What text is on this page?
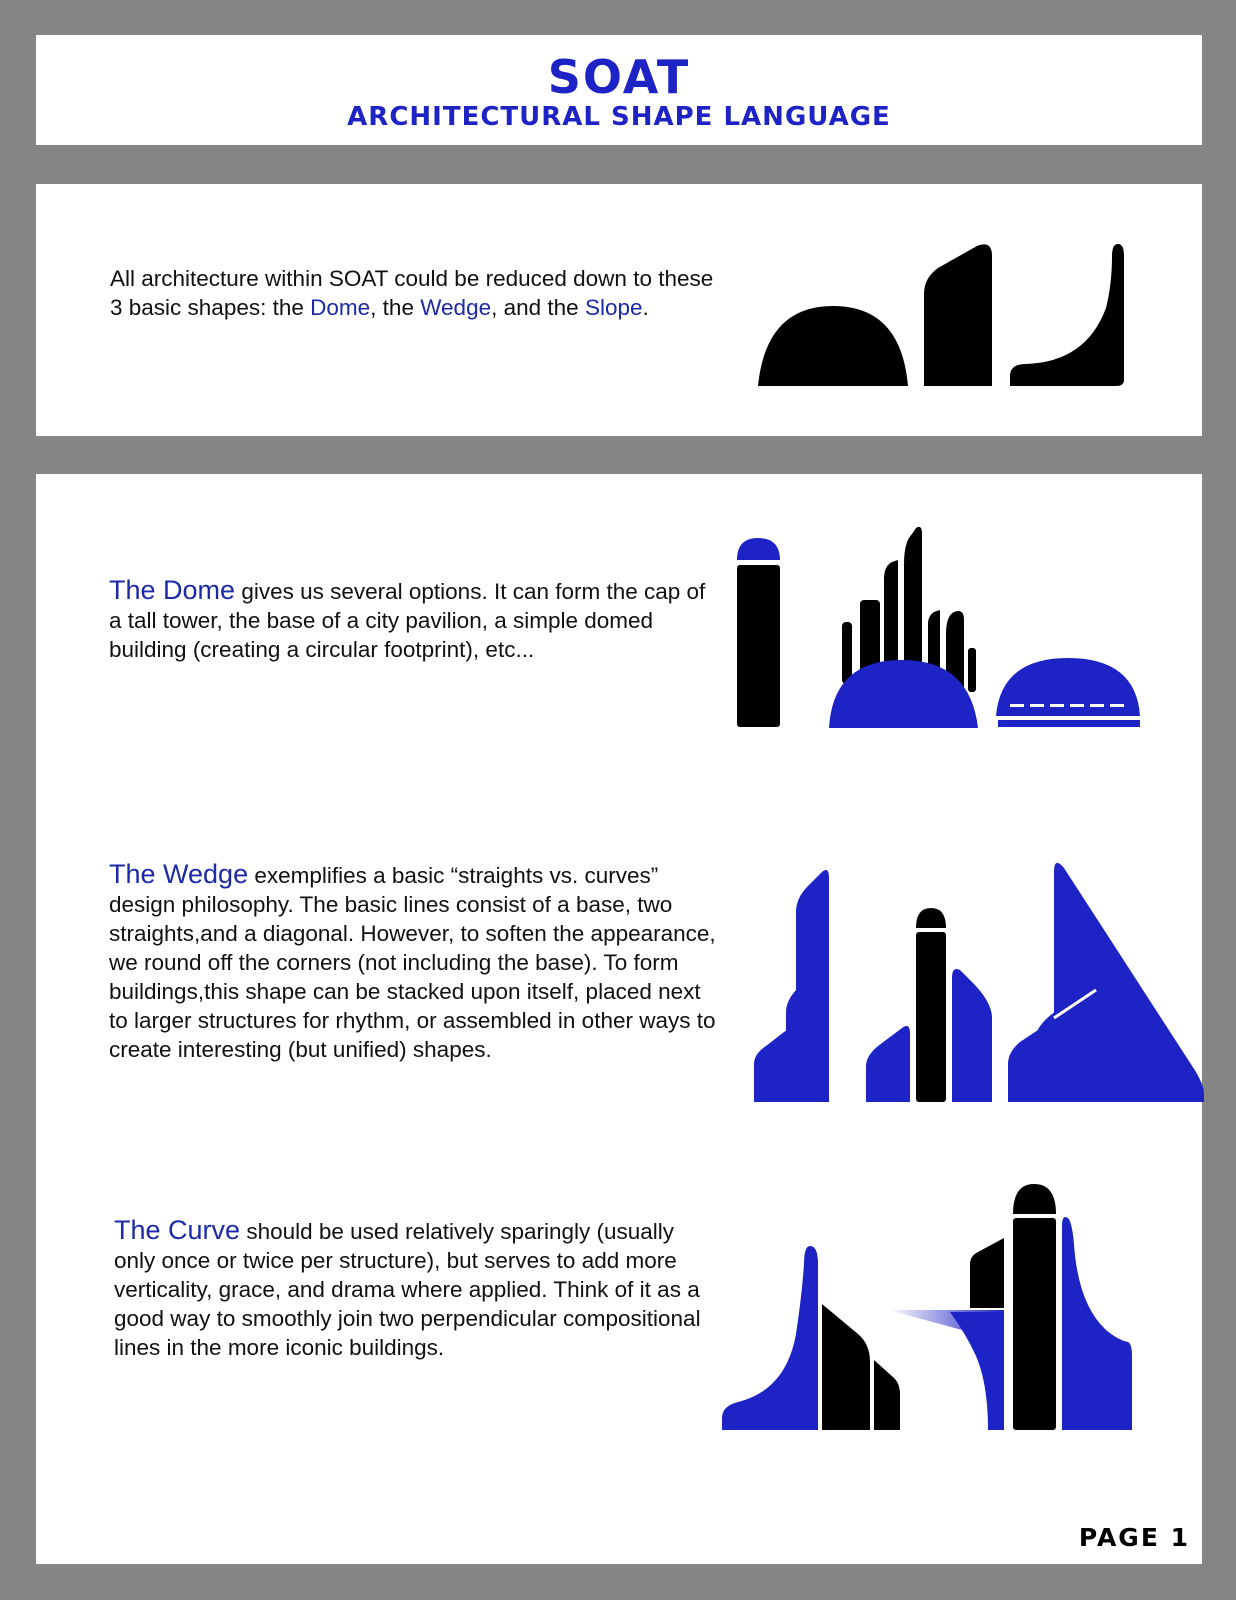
SOAT
ARCHITECTURAL SHAPE LANGUAGE
All architecture within SOAT could be reduced down to these 3 basic shapes: the Dome, the Wedge, and the Slope.
The Dome gives us several options. It can form the cap of a tall tower, the base of a city pavilion, a simple domed building (creating a circular footprint), etc...
The Wedge exemplifies a basic “straights vs. curves” design philosophy. The basic lines consist of a base, two straights,and a diagonal. However, to soften the appearance, we round off the corners (not including the base). To form buildings,this shape can be stacked upon itself, placed next to larger structures for rhythm, or assembled in other ways to create interesting (but unified) shapes.
The Curve should be used relatively sparingly (usually only once or twice per structure), but serves to add more verticality, grace, and drama where applied. Think of it as a good way to smoothly join two perpendicular compositional lines in the more iconic buildings.
PAGE 1
